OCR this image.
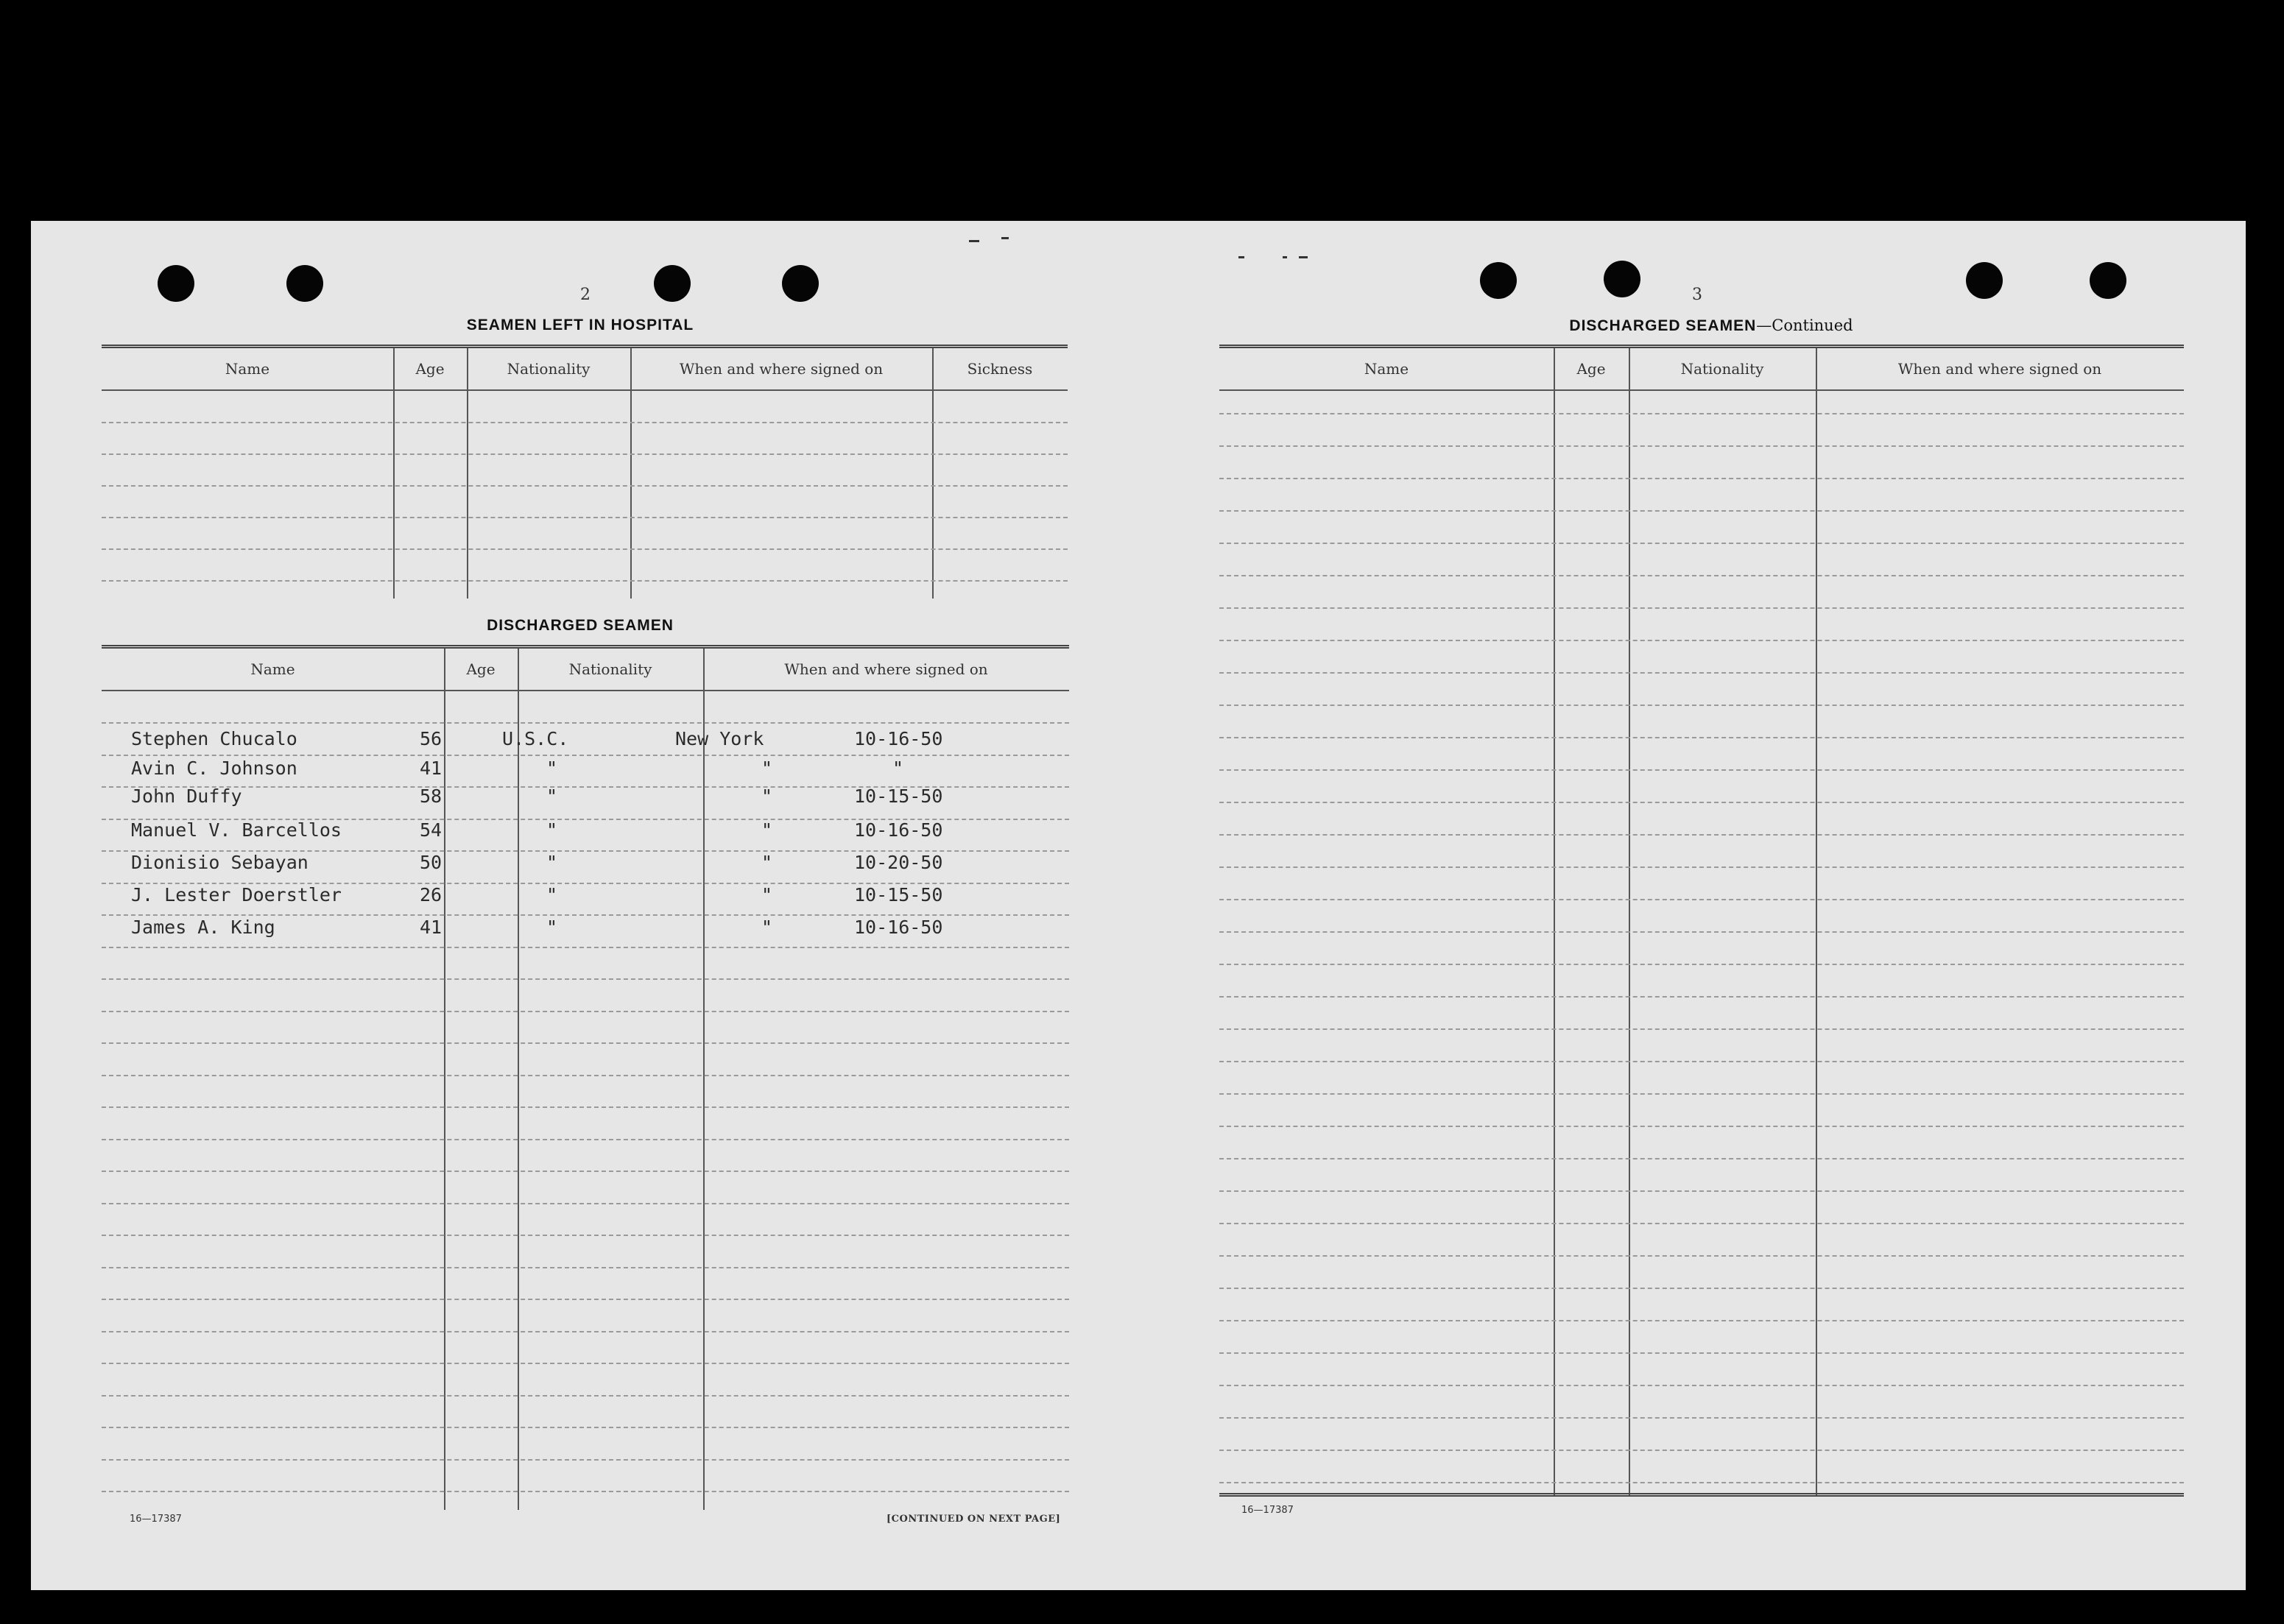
2
SEAMEN LEFT IN HOSPITAL
Name	Age	Nationality	When and where signed on	Sickness
DISCHARGED SEAMEN
Name	Age	Nationality	When and where signed on
Stephen Chucalo	56	U.S.C.	New York	10-16-50
Avin C. Johnson	41	"	"	"
John Duffy	58	"	"	10-15-50
Manuel V. Barcellos	54	"	"	10-16-50
Dionisio Sebayan	50	"	"	10-20-50
J. Lester Doerstler	26	"	"	10-15-50
James A. King	41	"	"	10-16-50
16—17387	[CONTINUED ON NEXT PAGE]
3
DISCHARGED SEAMEN—Continued
Name	Age	Nationality	When and where signed on
16—17387
